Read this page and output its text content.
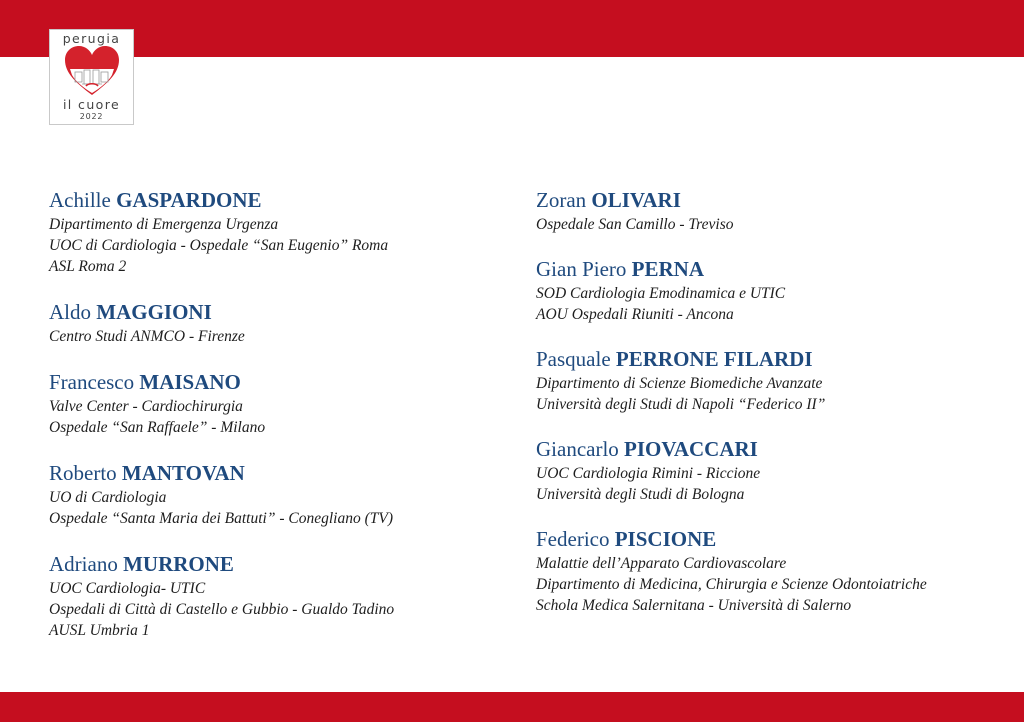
perugia
il cuore
2022
Achille GASPARDONE
Dipartimento di Emergenza Urgenza
UOC di Cardiologia - Ospedale “San Eugenio” Roma
ASL Roma 2
Aldo MAGGIONI
Centro Studi ANMCO - Firenze
Francesco MAISANO
Valve Center - Cardiochirurgia
Ospedale “San Raffaele” - Milano
Roberto MANTOVAN
UO di Cardiologia
Ospedale “Santa Maria dei Battuti” - Conegliano (TV)
Adriano MURRONE
UOC Cardiologia- UTIC
Ospedali di Città di Castello e Gubbio - Gualdo Tadino
AUSL Umbria 1
Zoran OLIVARI
Ospedale San Camillo - Treviso
Gian Piero PERNA
SOD Cardiologia Emodinamica e UTIC
AOU Ospedali Riuniti - Ancona
Pasquale PERRONE FILARDI
Dipartimento di Scienze Biomediche Avanzate
Università degli Studi di Napoli “Federico II”
Giancarlo PIOVACCARI
UOC Cardiologia Rimini - Riccione
Università degli Studi di Bologna
Federico PISCIONE
Malattie dell’Apparato Cardiovascolare
Dipartimento di Medicina, Chirurgia e Scienze Odontoiatriche
Schola Medica Salernitana - Università di Salerno
